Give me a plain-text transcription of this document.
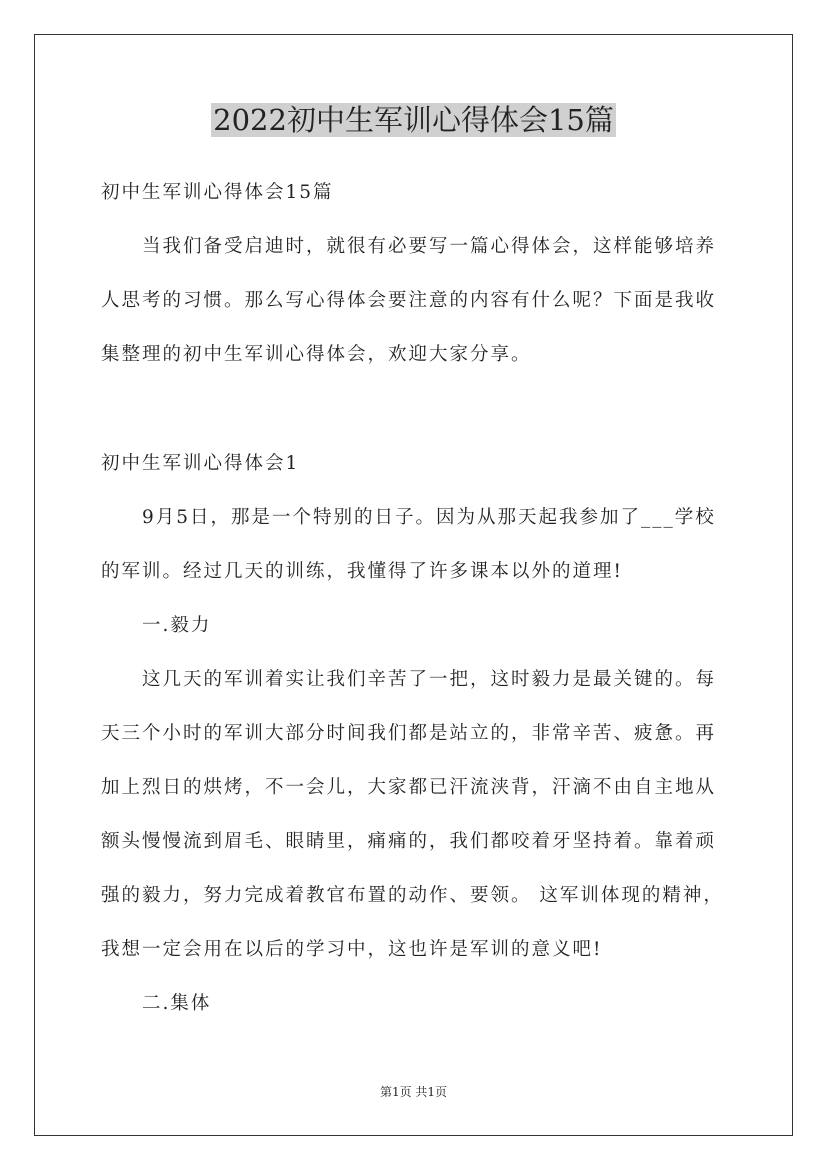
2022初中生军训心得体会15篇
初中生军训心得体会15篇
当我们备受启迪时，就很有必要写一篇心得体会，这样能够培养
人思考的习惯。那么写心得体会要注意的内容有什么呢？下面是我收
集整理的初中生军训心得体会，欢迎大家分享。
初中生军训心得体会1
9月5日，那是一个特别的日子。因为从那天起我参加了___学校
的军训。经过几天的训练，我懂得了许多课本以外的道理!
一.毅力
这几天的军训着实让我们辛苦了一把，这时毅力是最关键的。每
天三个小时的军训大部分时间我们都是站立的，非常辛苦、疲惫。再
加上烈日的烘烤，不一会儿，大家都已汗流浃背，汗滴不由自主地从
额头慢慢流到眉毛、眼睛里，痛痛的，我们都咬着牙坚持着。靠着顽
强的毅力，努力完成着教官布置的动作、要领。 这军训体现的精神，
我想一定会用在以后的学习中，这也许是军训的意义吧!
二.集体
第1页 共1页
